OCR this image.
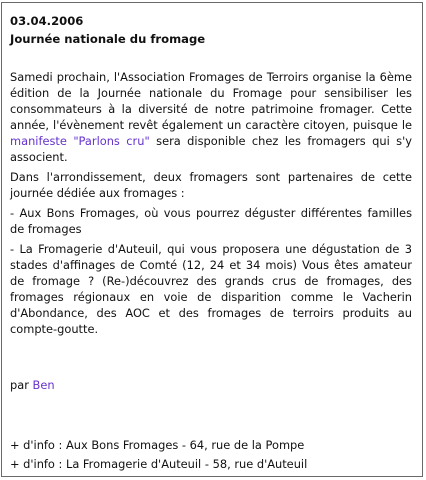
03.04.2006
Journée nationale du fromage

Samedi prochain, l'Association Fromages de Terroirs organise la 6ème édition de la Journée nationale du Fromage pour sensibiliser les consommateurs à la diversité de notre patrimoine fromager. Cette année, l'évènement revêt également un caractère citoyen, puisque le manifeste "Parlons cru" sera disponible chez les fromagers qui s'y associent.

Dans l'arrondissement, deux fromagers sont partenaires de cette journée dédiée aux fromages :

- Aux Bons Fromages, où vous pourrez déguster différentes familles de fromages

- La Fromagerie d'Auteuil, qui vous proposera une dégustation de 3 stades d'affinages de Comté (12, 24 et 34 mois) Vous êtes amateur de fromage ? (Re-)découvrez des grands crus de fromages, des fromages régionaux en voie de disparition comme le Vacherin d'Abondance, des AOC et des fromages de terroirs produits au compte-goutte.

par Ben

+ d'info : Aux Bons Fromages - 64, rue de la Pompe

+ d'info : La Fromagerie d'Auteuil - 58, rue d'Auteuil
